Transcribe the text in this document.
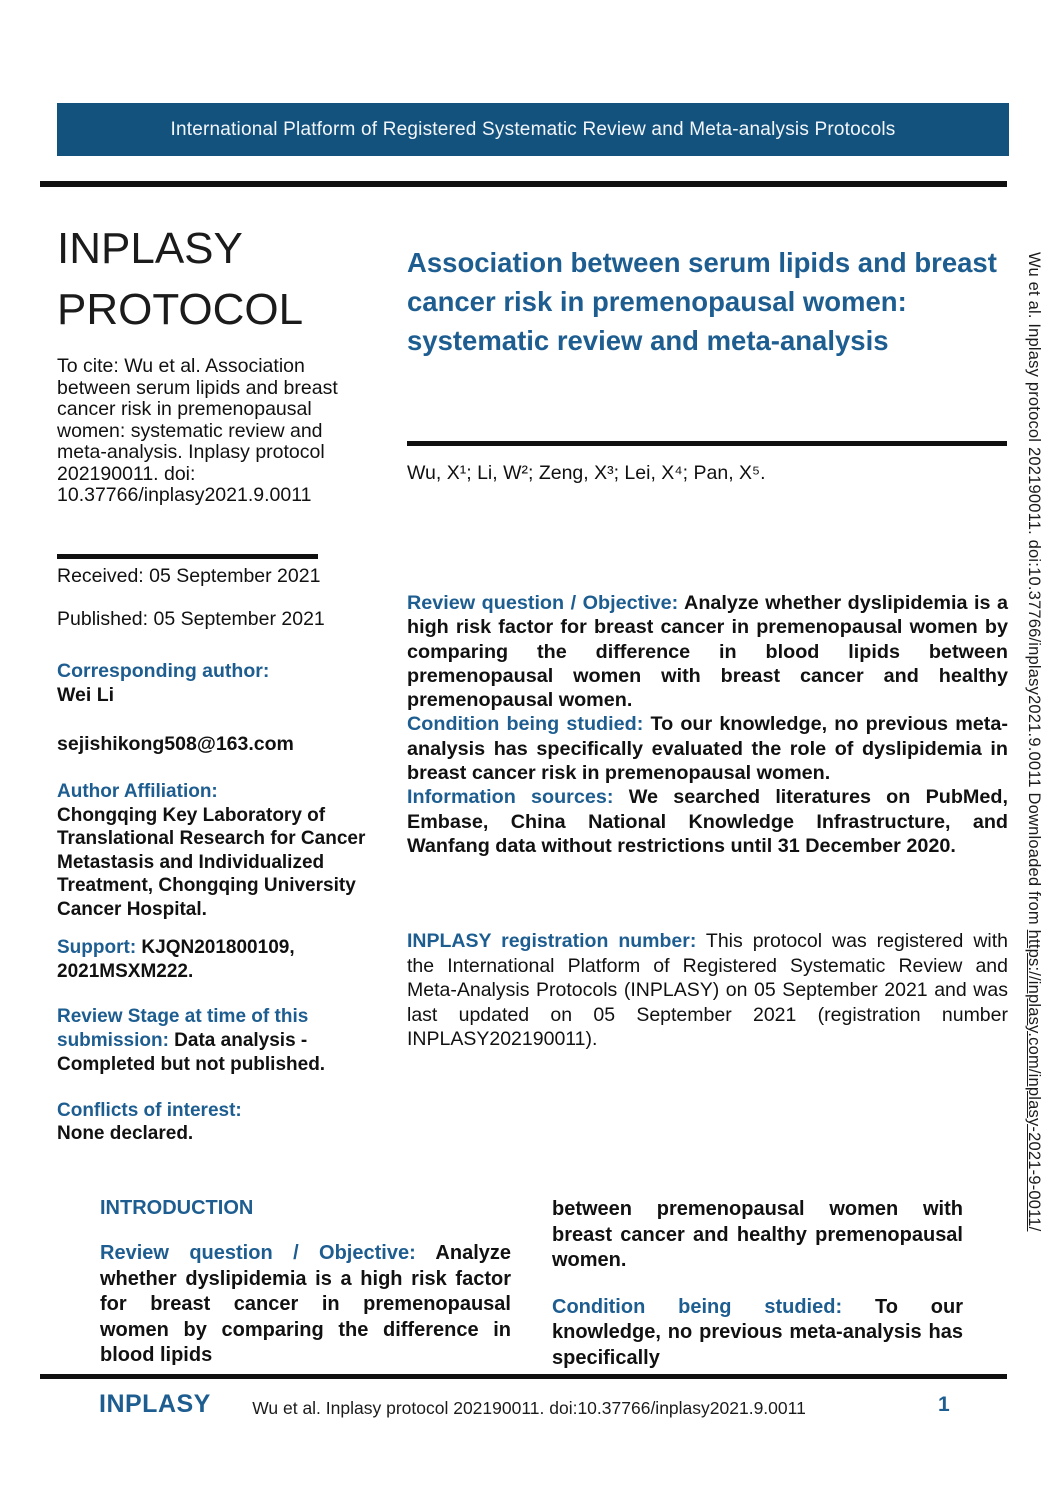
International Platform of Registered Systematic Review and Meta-analysis Protocols
INPLASY
PROTOCOL

To cite: Wu et al. Association between serum lipids and breast cancer risk in premenopausal women: systematic review and meta-analysis. Inplasy protocol 202190011. doi: 10.37766/inplasy2021.9.0011

Received: 05 September 2021

Published: 05 September 2021

Corresponding author:
Wei Li

sejishikong508@163.com

Author Affiliation:
Chongqing Key Laboratory of Translational Research for Cancer Metastasis and Individualized Treatment, Chongqing University Cancer Hospital.
Support: KJQN201800109, 2021MSXM222.
Review Stage at time of this submission: Data analysis - Completed but not published.
Conflicts of interest:
None declared.
Association between serum lipids and breast cancer risk in premenopausal women: systematic review and meta-analysis

Wu, X¹; Li, W²; Zeng, X³; Lei, X⁴; Pan, X⁵.

Review question / Objective: Analyze whether dyslipidemia is a high risk factor for breast cancer in premenopausal women by comparing the difference in blood lipids between premenopausal women with breast cancer and healthy premenopausal women.
Condition being studied: To our knowledge, no previous meta-analysis has specifically evaluated the role of dyslipidemia in breast cancer risk in premenopausal women.
Information sources: We searched literatures on PubMed, Embase, China National Knowledge Infrastructure, and Wanfang data without restrictions until 31 December 2020.
INPLASY registration number: This protocol was registered with the International Platform of Registered Systematic Review and Meta-Analysis Protocols (INPLASY) on 05 September 2021 and was last updated on 05 September 2021 (registration number INPLASY202190011).
INTRODUCTION

Review question / Objective: Analyze whether dyslipidemia is a high risk factor for breast cancer in premenopausal women by comparing the difference in blood lipids

between premenopausal women with breast cancer and healthy premenopausal women.

Condition being studied: To our knowledge, no previous meta-analysis has specifically

INPLASY	Wu et al. Inplasy protocol 202190011. doi:10.37766/inplasy2021.9.0011	1
Wu et al. Inplasy protocol 202190011. doi:10.37766/inplasy2021.9.0011 Downloaded from https://inplasy.com/inplasy-2021-9-0011/
